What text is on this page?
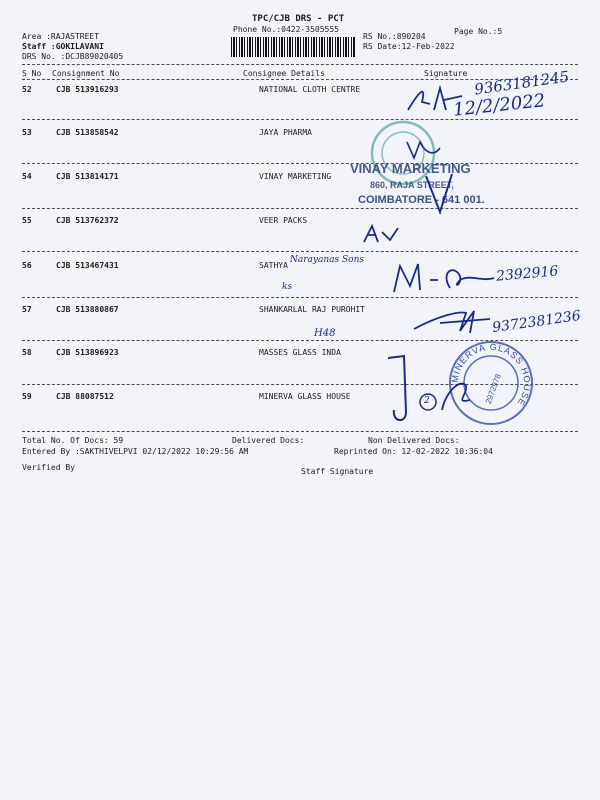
TPC/CJB DRS - PCT
Phone No.:0422-3505555
Area :RAJASTREET
Staff :GOKILAVANI
DRS No. :DCJB89020405
RS No.:890204
Page No.:5
RS Date:12-Feb-2022
S No Consignment No	Consignee Details	Signature
52	CJB 513916293	NATIONAL CLOTH CENTRE
53	CJB 513858542	JAYA PHARMA
54	CJB 513814171	VINAY MARKETING
55	CJB 513762372	VEER PACKS
56	CJB 513467431	SATHYA
57	CJB 513880867	SHANKARLAL RAJ PUROHIT
58	CJB 513896923	MASSES GLASS INDA
59	CJB 88087512	MINERVA GLASS HOUSE
Total No. Of Docs: 59	Delivered Docs:	Non Delivered Docs:
Entered By :SAKTHIVELPVI 02/12/2022 10:29:56 AM	Reprinted On: 12-02-2022 10:36:04
Verified By	Staff Signature
VINAY MARKETING
860, RAJA STREET,
COIMBATORE - 641 001.
MINERVA GLASS HOUSE
2972978
9363181245
12/2/2022
Narayanas Sons
ks
2392916
H48	9372381236
2
